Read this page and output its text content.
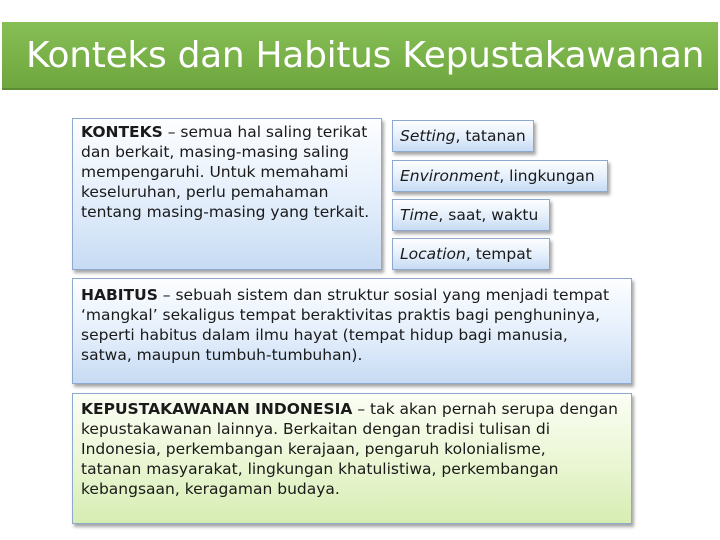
Konteks dan Habitus Kepustakawanan
KONTEKS – semua hal saling terikat
dan berkait, masing-masing saling
mempengaruhi. Untuk memahami
keseluruhan, perlu pemahaman
tentang masing-masing yang terkait.
Setting, tatanan
Environment, lingkungan
Time, saat, waktu
Location, tempat
HABITUS – sebuah sistem dan struktur sosial yang menjadi tempat
‘mangkal’ sekaligus tempat beraktivitas praktis bagi penghuninya,
seperti habitus dalam ilmu hayat (tempat hidup bagi manusia,
satwa, maupun tumbuh-tumbuhan).
KEPUSTAKAWANAN INDONESIA – tak akan pernah serupa dengan
kepustakawanan lainnya. Berkaitan dengan tradisi tulisan di
Indonesia, perkembangan kerajaan, pengaruh kolonialisme,
tatanan masyarakat, lingkungan khatulistiwa, perkembangan
kebangsaan, keragaman budaya.
